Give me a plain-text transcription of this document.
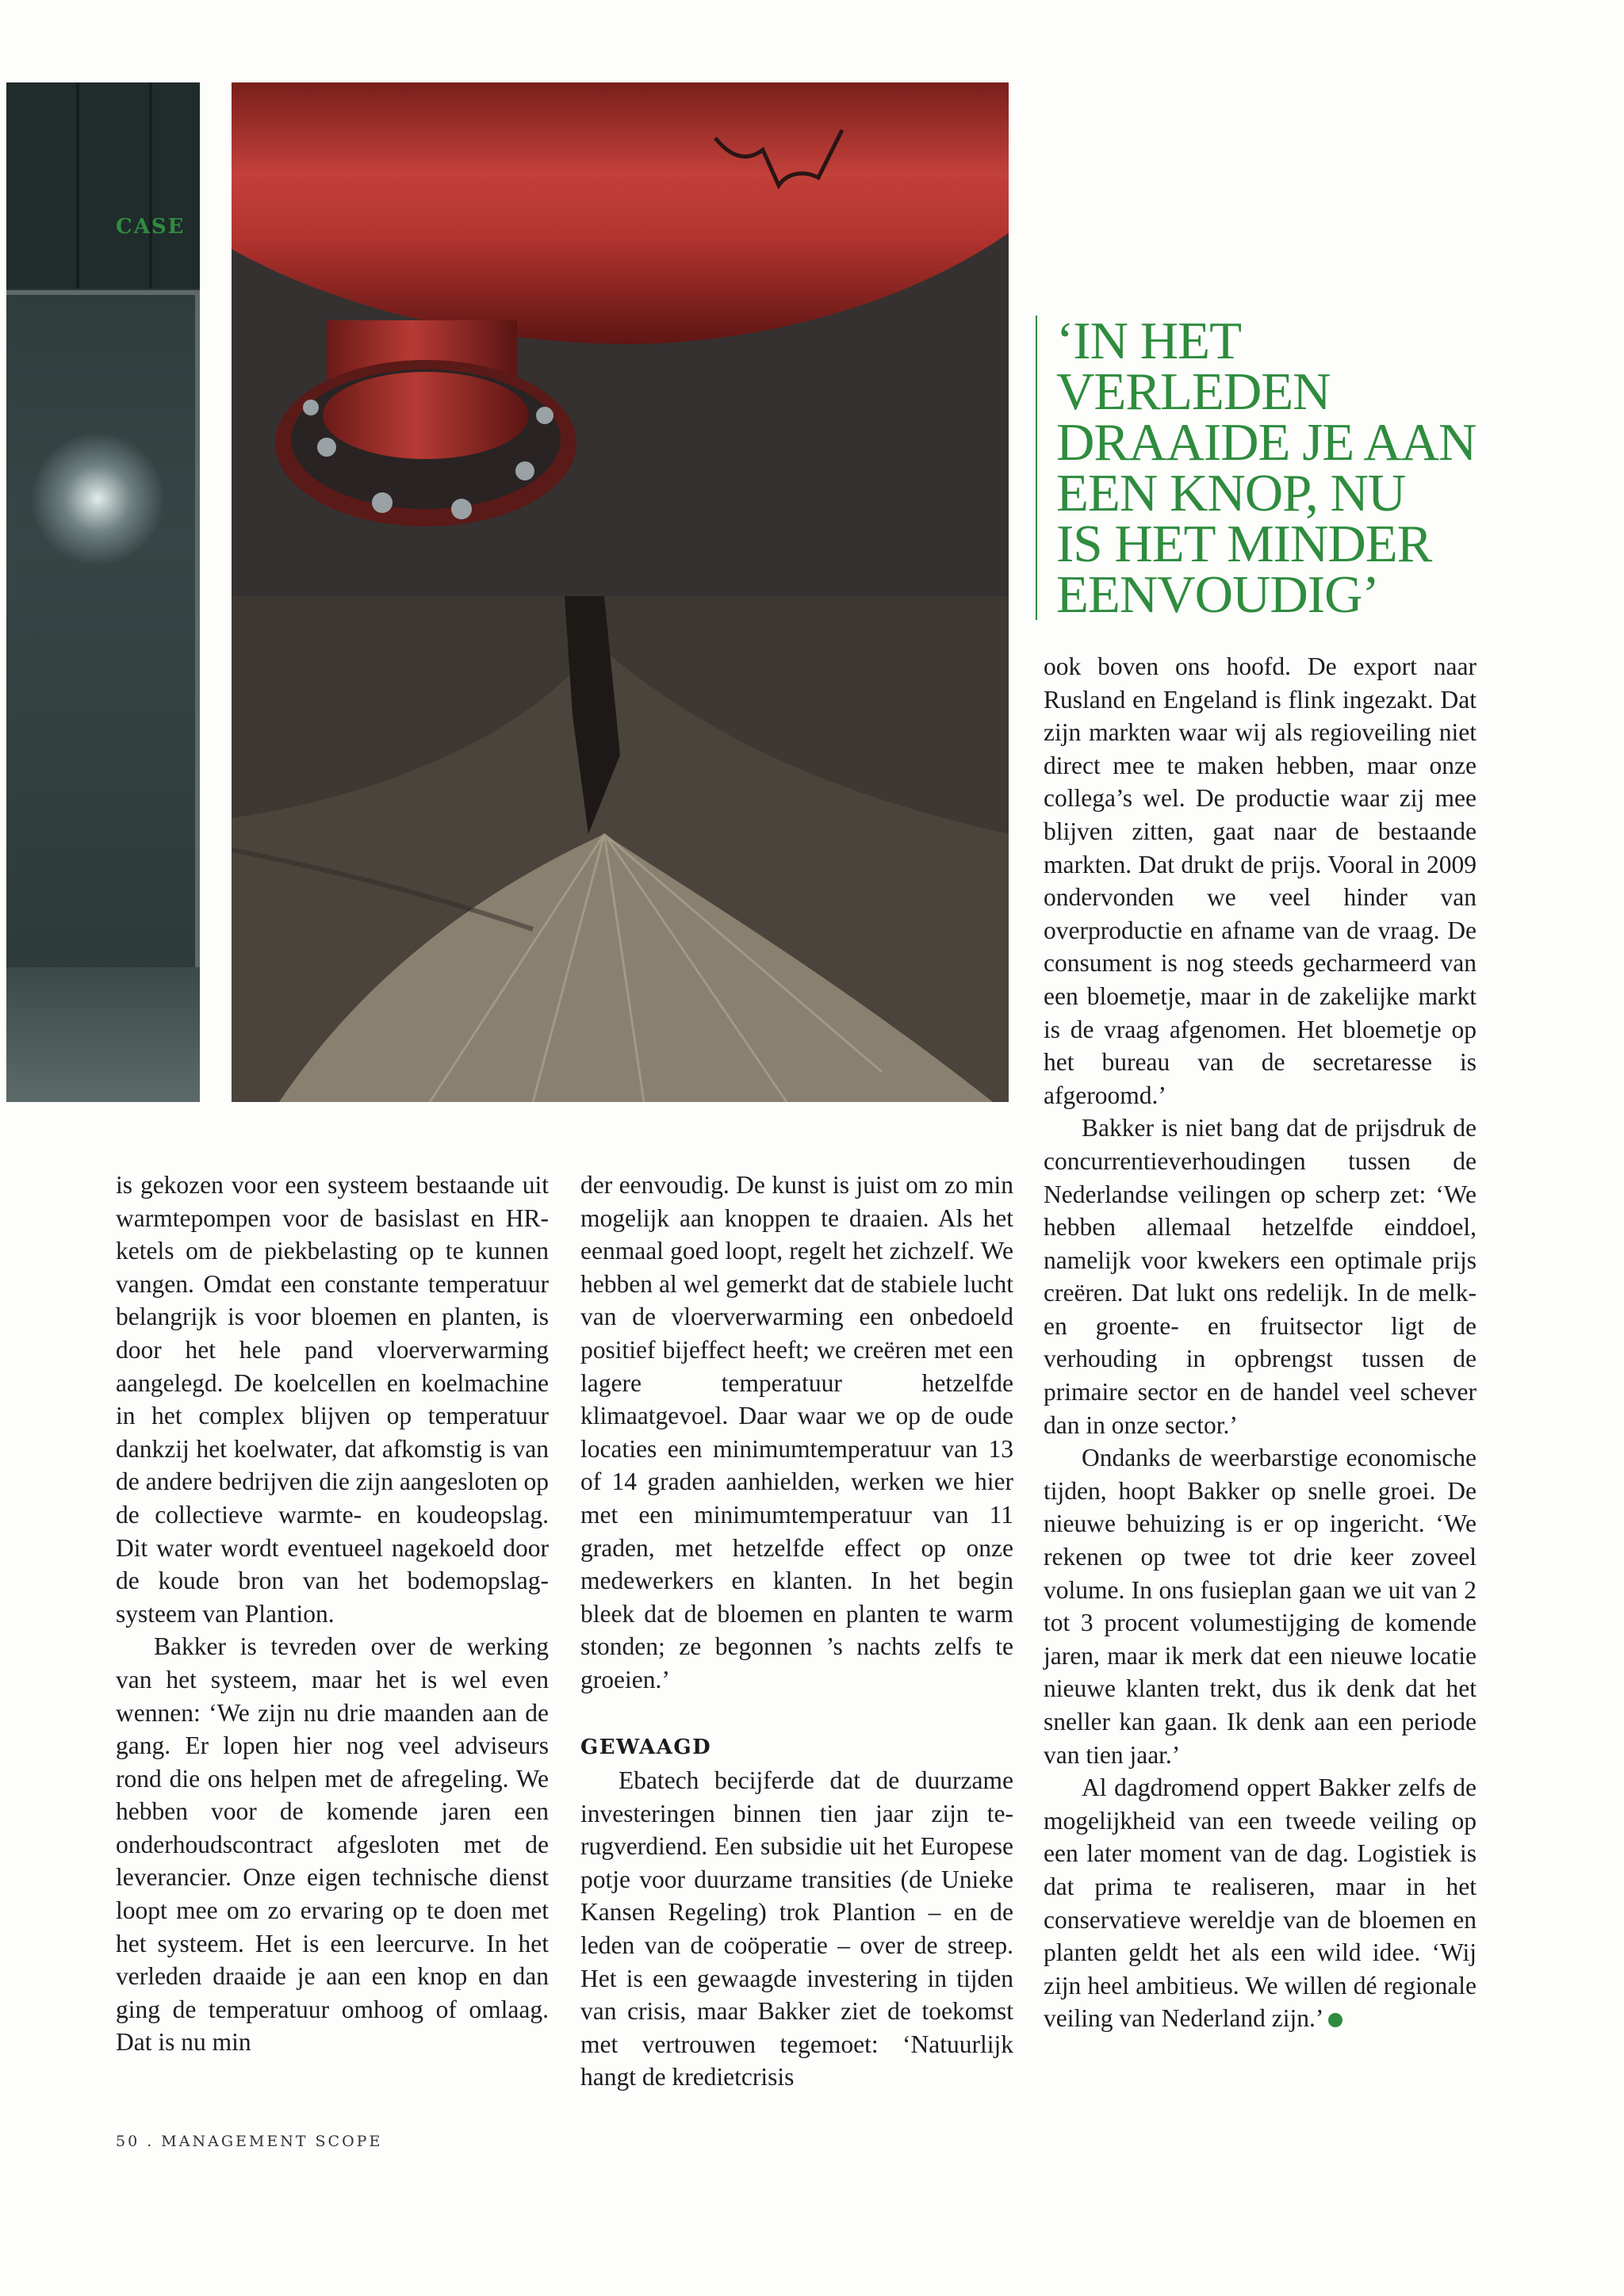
CASE
‘IN HET
VERLEDEN
DRAAIDE JE AAN
EEN KNOP, NU
IS HET MINDER
EENVOUDIG’

is gekozen voor een systeem bestaande uit warmtepompen voor de basislast en HR-ketels om de piekbelasting op te kunnen vangen. Omdat een constante temperatuur belangrijk is voor bloemen en planten, is door het hele pand vloerverwarming aangelegd. De koelcellen en koelmachine in het complex blijven op temperatuur dankzij het koelwater, dat afkomstig is van de andere bedrijven die zijn aangesloten op de collectieve warmte- en koudeopslag. Dit water wordt eventueel nagekoeld door de koude bron van het bodemopslagsysteem van Plantion.

Bakker is tevreden over de werking van het systeem, maar het is wel even wennen: ‘We zijn nu drie maanden aan de gang. Er lopen hier nog veel adviseurs rond die ons helpen met de afregeling. We hebben voor de komende jaren een onderhoudscontract afgesloten met de leverancier. Onze eigen technische dienst loopt mee om zo ervaring op te doen met het systeem. Het is een leercurve. In het verleden draaide je aan een knop en dan ging de temperatuur omhoog of omlaag. Dat is nu min

der eenvoudig. De kunst is juist om zo min mogelijk aan knoppen te draaien. Als het eenmaal goed loopt, regelt het zichzelf. We hebben al wel gemerkt dat de stabiele lucht van de vloerverwarming een onbedoeld positief bijeffect heeft; we creëren met een lagere temperatuur hetzelfde klimaatgevoel. Daar waar we op de oude locaties een minimumtemperatuur van 13 of 14 graden aanhielden, werken we hier met een minimumtemperatuur van 11 graden, met hetzelfde effect op onze medewerkers en klanten. In het begin bleek dat de bloemen en planten te warm stonden; ze begonnen ’s nachts zelfs te groeien.’

GEWAAGD

Ebatech becijferde dat de duurzame investeringen binnen tien jaar zijn terugverdiend. Een subsidie uit het Europese potje voor duurzame transities (de Unieke Kansen Regeling) trok Plantion – en de leden van de coöperatie – over de streep. Het is een gewaagde investering in tijden van crisis, maar Bakker ziet de toekomst met vertrouwen tegemoet: ‘Natuurlijk hangt de kredietcrisis

ook boven ons hoofd. De export naar Rusland en Engeland is flink ingezakt. Dat zijn markten waar wij als regioveiling niet direct mee te maken hebben, maar onze collega’s wel. De productie waar zij mee blijven zitten, gaat naar de bestaande markten. Dat drukt de prijs. Vooral in 2009 ondervonden we veel hinder van overproductie en afname van de vraag. De consument is nog steeds gecharmeerd van een bloemetje, maar in de zakelijke markt is de vraag afgenomen. Het bloemetje op het bureau van de secretaresse is afgeroomd.’

Bakker is niet bang dat de prijsdruk de concurrentieverhoudingen tussen de Nederlandse veilingen op scherp zet: ‘We hebben allemaal hetzelfde einddoel, namelijk voor kwekers een optimale prijs creëren. Dat lukt ons redelijk. In de melk- en groente- en fruitsector ligt de verhouding in opbrengst tussen de primaire sector en de handel veel schever dan in onze sector.’

Ondanks de weerbarstige economische tijden, hoopt Bakker op snelle groei. De nieuwe behuizing is er op ingericht. ‘We rekenen op twee tot drie keer zoveel volume. In ons fusieplan gaan we uit van 2 tot 3 procent volumestijging de komende jaren, maar ik merk dat een nieuwe locatie nieuwe klanten trekt, dus ik denk dat het sneller kan gaan. Ik denk aan een periode van tien jaar.’

Al dagdromend oppert Bakker zelfs de mogelijkheid van een tweede veiling op een later moment van de dag. Logistiek is dat prima te realiseren, maar in het conservatieve wereldje van de bloemen en planten geldt het als een wild idee. ‘Wij zijn heel ambitieus. We willen dé regionale veiling van Nederland zijn.’

50 . MANAGEMENT SCOPE
